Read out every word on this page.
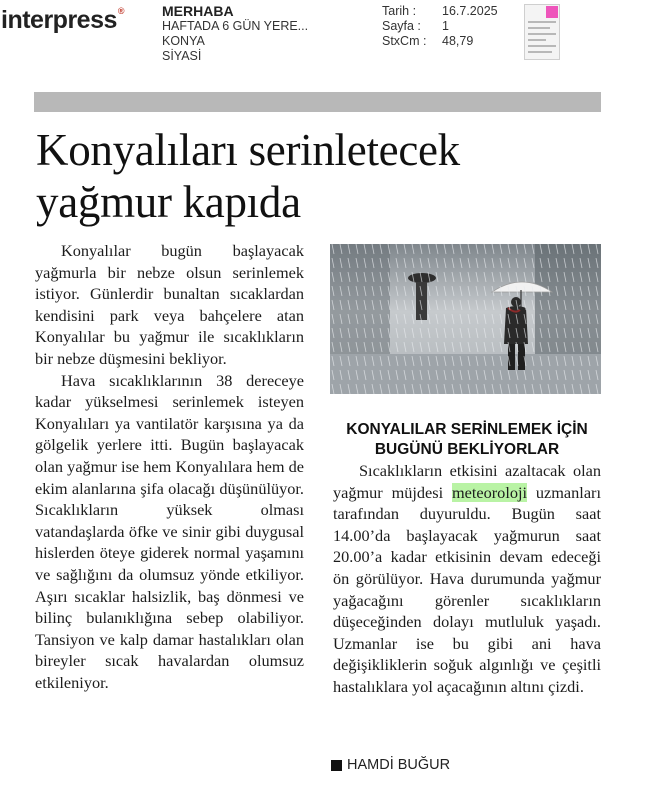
interpress®	MERHABA
HAFTADA 6 GÜN YERE...
KONYA
SİYASİ
Tarih :	16.7.2025
Sayfa :	1
StxCm :	48,79
Konyalıları serinletecek
yağmur kapıda

Konyalılar bugün başlayacak yağmurla bir nebze olsun serinlemek istiyor. Günlerdir bunaltan sıcaklardan kendisini park veya bahçelere atan Konyalılar bu yağmur ile sıcaklıkların bir nebze düşmesini bekliyor.

Hava sıcaklıklarının 38 dereceye kadar yükselmesi serinlemek isteyen Konyalıları ya vantilatör karşısına ya da gölgelik yerlere itti. Bugün başlayacak olan yağmur ise hem Konyalılara hem de ekim alanlarına şifa olacağı düşünülüyor. Sıcaklıkların yüksek olması vatandaşlarda öfke ve sinir gibi duygusal hislerden öteye giderek normal yaşamını ve sağlığını da olumsuz yönde etkiliyor. Aşırı sıcaklar halsizlik, baş dönmesi ve bilinç bulanıklığına sebep olabiliyor. Tansiyon ve kalp damar hastalıkları olan bireyler sıcak havalardan olumsuz etkileniyor.

KONYALILAR SERİNLEMEK İÇİN
BUGÜNÜ BEKLİYORLAR

Sıcaklıkların etkisini azaltacak olan yağmur müjdesi meteoroloji uzmanları tarafından duyuruldu. Bugün saat 14.00’da başlayacak yağmurun saat 20.00’a kadar etkisinin devam edeceği ön görülüyor. Hava durumunda yağmur yağacağını görenler sıcaklıkların düşeceğinden dolayı mutluluk yaşadı. Uzmanlar ise bu gibi ani hava değişikliklerin soğuk algınlığı ve çeşitli hastalıklara yol açacağının altını çizdi.

HAMDİ BUĞUR
